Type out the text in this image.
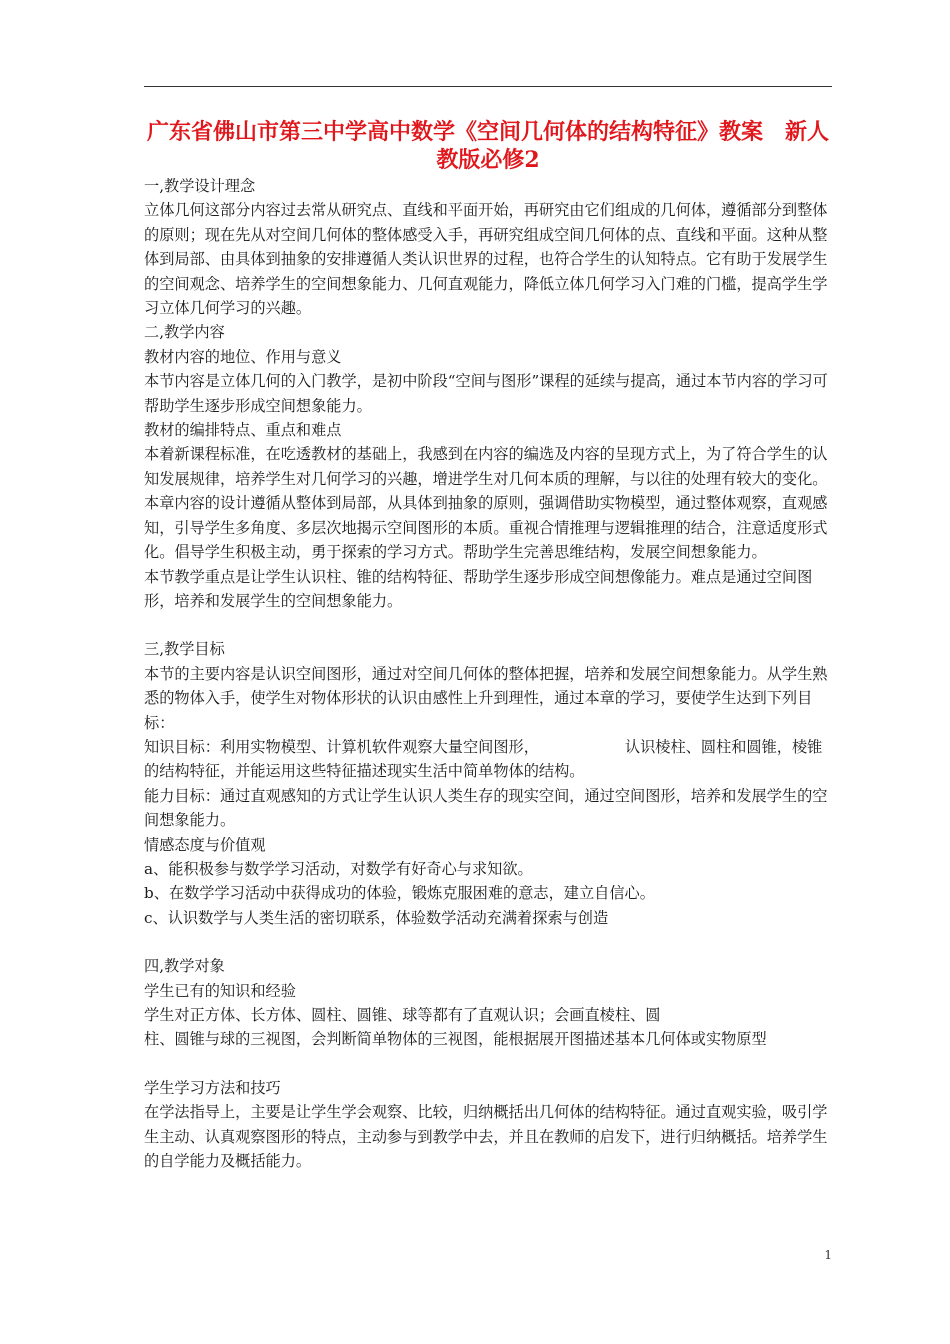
广东省佛山市第三中学高中数学《空间几何体的结构特征》教案　新人
教版必修2

一,教学设计理念

立体几何这部分内容过去常从研究点、直线和平面开始，再研究由它们组成的几何体，遵循部分到整体的原则；现在先从对空间几何体的整体感受入手，再研究组成空间几何体的点、直线和平面。这种从整体到局部、由具体到抽象的安排遵循人类认识世界的过程，也符合学生的认知特点。它有助于发展学生的空间观念、培养学生的空间想象能力、几何直观能力，降低立体几何学习入门难的门槛，提高学生学习立体几何学习的兴趣。

二,教学内容

教材内容的地位、作用与意义

本节内容是立体几何的入门教学，是初中阶段“空间与图形”课程的延续与提高，通过本节内容的学习可帮助学生逐步形成空间想象能力。

教材的编排特点、重点和难点

本着新课程标准，在吃透教材的基础上，我感到在内容的编选及内容的呈现方式上，为了符合学生的认知发展规律，培养学生对几何学习的兴趣，增进学生对几何本质的理解，与以往的处理有较大的变化。本章内容的设计遵循从整体到局部，从具体到抽象的原则，强调借助实物模型，通过整体观察，直观感知，引导学生多角度、多层次地揭示空间图形的本质。重视合情推理与逻辑推理的结合，注意适度形式化。倡导学生积极主动，勇于探索的学习方式。帮助学生完善思维结构，发展空间想象能力。

本节教学重点是让学生认识柱、锥的结构特征、帮助学生逐步形成空间想像能力。难点是通过空间图形，培养和发展学生的空间想象能力。

三,教学目标

本节的主要内容是认识空间图形，通过对空间几何体的整体把握，培养和发展空间想象能力。从学生熟悉的物体入手，使学生对物体形状的认识由感性上升到理性，通过本章的学习，要使学生达到下列目标：

知识目标：利用实物模型、计算机软件观察大量空间图形，	认识棱柱、圆柱和圆锥，棱锥的结构特征，并能运用这些特征描述现实生活中简单物体的结构。

能力目标：通过直观感知的方式让学生认识人类生存的现实空间，通过空间图形，培养和发展学生的空间想象能力。

情感态度与价值观

a、能积极参与数学学习活动，对数学有好奇心与求知欲。

b、在数学学习活动中获得成功的体验，锻炼克服困难的意志，建立自信心。

c、认识数学与人类生活的密切联系，体验数学活动充满着探索与创造

四,教学对象

学生已有的知识和经验

学生对正方体、长方体、圆柱、圆锥、球等都有了直观认识；会画直棱柱、圆

柱、圆锥与球的三视图，会判断简单物体的三视图，能根据展开图描述基本几何体或实物原型

学生学习方法和技巧

在学法指导上，主要是让学生学会观察、比较，归纳概括出几何体的结构特征。通过直观实验，吸引学生主动、认真观察图形的特点，主动参与到教学中去，并且在教师的启发下，进行归纳概括。培养学生的自学能力及概括能力。

1
